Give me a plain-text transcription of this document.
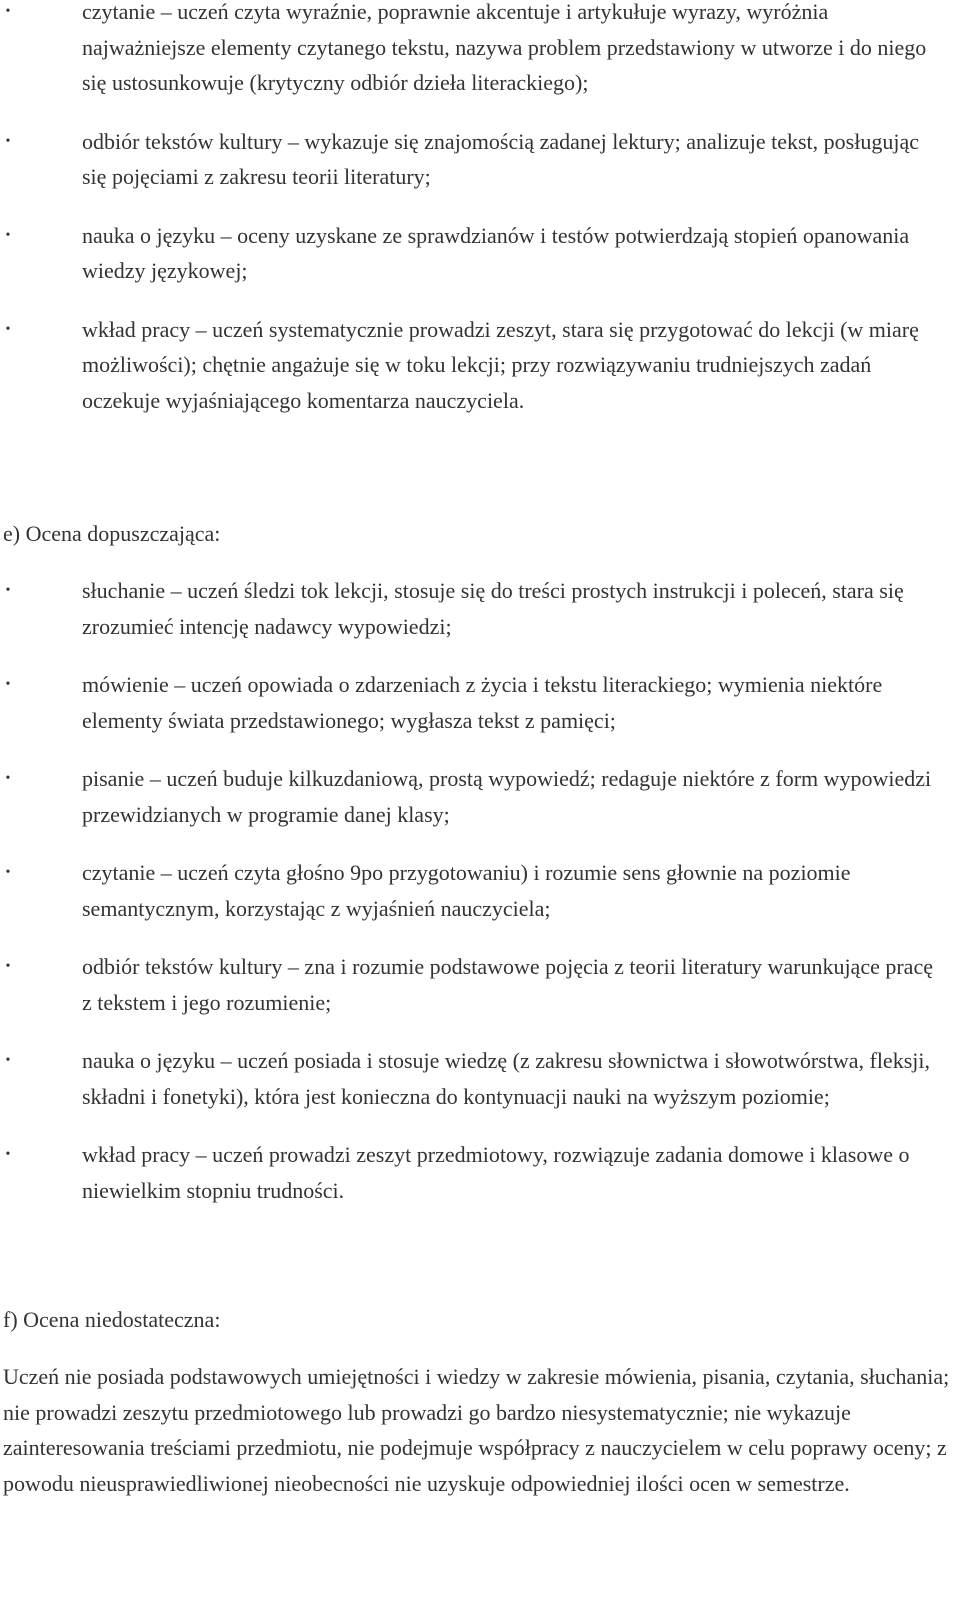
•	czytanie – uczeń czyta wyraźnie, poprawnie akcentuje i artykułuje wyrazy, wyróżnia najważniejsze elementy czytanego tekstu, nazywa problem przedstawiony w utworze i do niego się ustosunkowuje (krytyczny odbiór dzieła literackiego);
•	odbiór tekstów kultury – wykazuje się znajomością zadanej lektury; analizuje tekst, posługując się pojęciami z zakresu teorii literatury;
•	nauka o języku – oceny uzyskane ze sprawdzianów i testów potwierdzają stopień opanowania wiedzy językowej;
•	wkład pracy – uczeń systematycznie prowadzi zeszyt, stara się przygotować do lekcji (w miarę możliwości); chętnie angażuje się w toku lekcji; przy rozwiązywaniu trudniejszych zadań oczekuje wyjaśniającego komentarza nauczyciela.
e) Ocena dopuszczająca:
•	słuchanie – uczeń śledzi tok lekcji, stosuje się do treści prostych instrukcji i poleceń, stara się zrozumieć intencję nadawcy wypowiedzi;
•	mówienie – uczeń opowiada o zdarzeniach z życia i tekstu literackiego; wymienia niektóre elementy świata przedstawionego; wygłasza tekst z pamięci;
•	pisanie – uczeń buduje kilkuzdaniową, prostą wypowiedź; redaguje niektóre z form wypowiedzi przewidzianych w programie danej klasy;
•	czytanie – uczeń czyta głośno 9po przygotowaniu) i rozumie sens głownie na poziomie semantycznym, korzystając z wyjaśnień nauczyciela;
•	odbiór tekstów kultury – zna i rozumie podstawowe pojęcia z teorii literatury warunkujące pracę z tekstem i jego rozumienie;
•	nauka o języku – uczeń posiada i stosuje wiedzę (z zakresu słownictwa i słowotwórstwa, fleksji, składni i fonetyki), która jest konieczna do kontynuacji nauki na wyższym poziomie;
•	wkład pracy – uczeń prowadzi zeszyt przedmiotowy, rozwiązuje zadania domowe i klasowe o niewielkim stopniu trudności.
f) Ocena niedostateczna:

Uczeń nie posiada podstawowych umiejętności i wiedzy w zakresie mówienia, pisania, czytania, słuchania; nie prowadzi zeszytu przedmiotowego lub prowadzi go bardzo niesystematycznie; nie wykazuje zainteresowania treściami przedmiotu, nie podejmuje współpracy z nauczycielem w celu poprawy oceny; z powodu nieusprawiedliwionej nieobecności nie uzyskuje odpowiedniej ilości ocen w semestrze.
